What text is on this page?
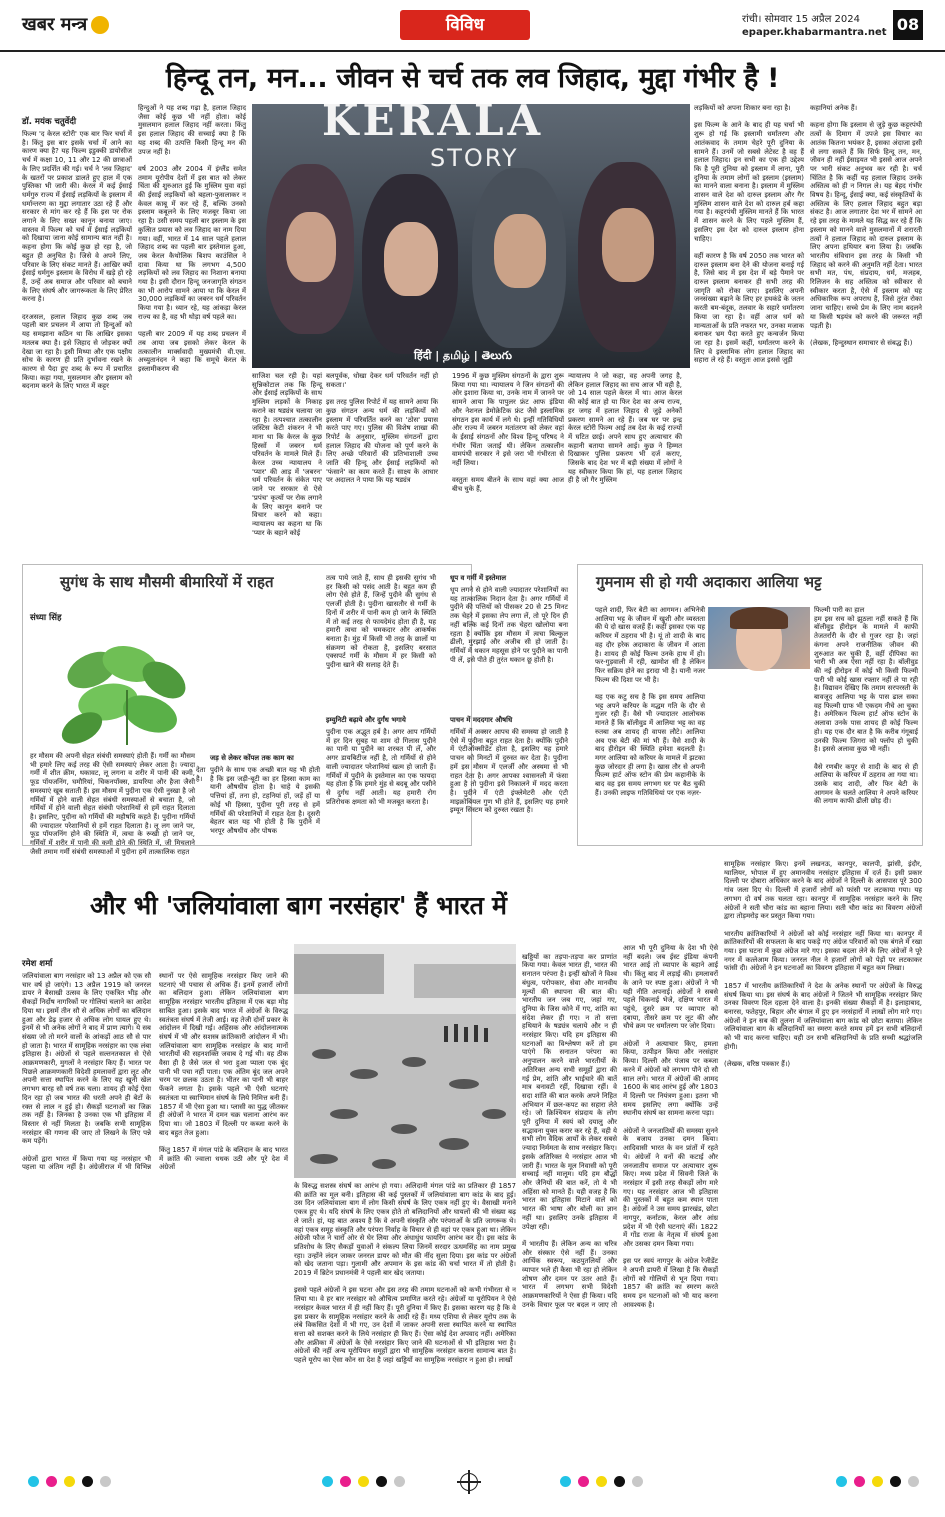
खबर मन्त्र	विविध	रांची। सोमवार 15 अप्रैल 2024
epaper.khabarmantra.net 08
हिन्दू तन, मन... जीवन से चर्च तक लव जिहाद, मुद्दा गंभीर है !
डॉ. मयंक चतुर्वेदी
फिल्म 'द केरल स्टोरी' एक बार फिर चर्चा में है। किंतु इस बार इसके चर्चा में आने का कारण क्या है? यह फिल्म इडुक्की डायोसीज चर्च में कक्षा 10, 11 और 12 की छात्राओं के लिए प्रदर्शित की गई। चर्च ने 'लव जिहाद' के खतरों पर प्रकाश डालते हुए हाल में एक पुस्तिका भी जारी की। केरल में कई ईसाई धर्मगुरु राज्य में ईसाई लड़कियों के इस्लाम में धर्मान्तरण का मुद्दा लगातार उठा रहे हैं और सरकार से मांग कर रहे हैं कि इस पर रोक लगाने के लिए सख्त कानून बनाया जाए। वास्तव में फिल्म को चर्च में ईसाई लड़कियों को दिखाया जाना कोई सामान्य बात नहीं है। कहना होगा कि कोई कुछ हो रहा है, जो बहुत ही अनुचित है। जिसे वे अपने लिए, परिवार के लिए संकट मानते हैं। आखिर क्यों ईसाई धर्मगुरु इस्लाम के विरोध में खड़े हो रहे हैं, उन्हें अब समाज और परिवार को बचाने के लिए संघर्ष और जागरूकता के लिए प्रेरित करना है।

दरअसल, हलाल जिहाद कुछ शब्द जब पहली बार प्रचलन में आया तो हिन्दुओं को यह समझाना कठिन था कि आखिर इसका मतलब क्या है। इसे जिहाद से जोड़कर क्यों देखा जा रहा है। इसी मिथ्या और एक पक्षीय सोच के कारण ही प्रति दुर्भावना रखने के कारण से पैदा हुए शब्द के रूप में प्रचारित किया। कहा गया, मुसलमान और इस्लाम को बदनाम करने के लिए भारत में कट्टर
हिन्दुओं ने यह शब्द गढ़ा है, हलाल जिहाद जैसा कोई कुछ भी नहीं होता। कोई मुसलमान हलाल जिहाद नहीं करता। किंतु इस हलाल जिहाद की सच्चाई क्या है कि यह शब्द की उत्पत्ति किसी हिन्दू मन की उपज नहीं है।

वर्ष 2003 और 2004 में इंग्लैंड समेत तमाम यूरोपीय देशों में इस बात को लेकर चिंता की शुरुआत हुई कि मुस्लिम युवा वहां की ईसाई लड़कियों को बहला-फुसलाकर न केवल काबू में कर रहे हैं, बल्कि उनको इस्लाम कबूलने के लिए मजबूर किया जा रहा है। उसी समय पहली बार इस्लाम के इस कुत्सित प्रयास को लव जिहाद का नाम दिया गया। वहीं, भारत में 14 साल पहले हलाल जिहाद शब्द का पहली बार इस्तेमाल हुआ, जब केरल कैथोलिक बिशप काउंसिल ने दावा किया था कि लगभग 4,500 लड़कियों को लव जिहाद का निशाना बनाया गया है। इसी दौरान हिन्दू जनजागृति संगठन का भी आरोप सामने आया था कि केरल में 30,000 लड़कियों का जबरन धर्म परिवर्तन किया गया है। ध्यान रहे, यह आंकड़ा केरल राज्य का है, वह भी थोड़ा वर्ष पहले का।

पहली बार 2009 में यह शब्द प्रचलन में तब आया जब इसको लेकर केरल के तत्कालीन मार्क्सवादी मुख्यमंत्री वी.एस. अच्युतानंदन ने कहा कि समूचे केरल के इस्लामीकरण की
KERALA
STORY
हिंदी | தமிழ் | తెలుగు
साजिश चल रही है। यहां सुन्निकोटाल तक कि हिन्दू और ईसाई लड़कियों के साथ मुस्लिम लड़कों के निकाह कराने का षड्यंत्र चलाया जा रहा है। तत्पश्चात तत्कालीन जस्टिस केटी शंकरन ने भी माना था कि केरल के कुछ हिस्सों में जबरन धर्म परिवर्तन के मामले मिले हैं। केरल उच्च न्यायालय ने 'प्यार' की आड़ में 'जबरन' धर्म परिवर्तन के संकेत पाए जाने पर सरकार से ऐसे 'प्रपंच' कृत्यों पर रोक लगाने के लिए कानून बनाने पर विचार करने को कहा। न्यायालय का कहना था कि 'प्यार के बहाने कोई
बलपूर्वक, धोखा देकर धर्म परिवर्तन नहीं हो सकता।'

इस तरह पुलिस रिपोर्ट में यह सामने आया कि कुछ संगठन अन्य धर्म की लड़कियों को इस्लाम में परिवर्तित करने का 'ठोस' प्रयास करते पाए गए। पुलिस की विशेष शाखा की रिपोर्ट के अनुसार, मुस्लिम संगठनों द्वारा हलाल जिहाद की योजना को पूर्ण करने के लिए अच्छे परिवारों की प्रतिभाशाली उच्च जाति की हिन्दू और ईसाई लड़कियों को 'फंसाने' का काम करते हैं। साक्ष्य के आधार पर अदालत ने पाया कि यह षड्यंत्र
1996 में कुछ मुस्लिम संगठनों के द्वारा शुरू किया गया था। न्यायालय ने जिन संगठनों की ओर इशारा किया था, उनके नाम में जानने पर सामने आया कि पापुलर फ्रंट आफ इंडिया और नेशनल डेमोक्रेटिक फ्रंट जैसे इस्लामिक संगठन इस कार्य में लगे थे। इन्हीं गतिविधियों और राज्य में जबरन मतांतरण को लेकर वहां के ईसाई संगठनों और विश्व हिन्दू परिषद ने गंभीर चिंता जताई थी। लेकिन तत्कालीन वामपंथी सरकार ने इसे जरा भी गंभीरता से नहीं लिया।

वस्तुतः समय बीतने के साथ वहां क्या आज बीच चुके हैं,
न्यायालय ने जो कहा, वह अपनी जगह है, लेकिन हलाल जिहाद का सच आज भी वही है, जो 14 साल पहले केरल में था। आज केरल की कोई बात हो या फिर देश का अन्य राज्य, हर जगह में हलाल जिहाद से जुड़े अनेकों प्रकरण सामने आ रहे हैं। जब घर पर इन्द्र केरल स्टोरी फिल्म आई तब देश के कई राज्यों में घटित छाई। अपने साथ हुए अत्याचार की कहानी बताया सामने आई। कुछ ने हिम्मत दिखाकर पुलिस प्रकरण भी दर्ज कराए, जिसके बाद देश भर में बड़ी संख्या में लोगों ने यह स्वीकार किया कि हां, यह हलाल जिहाद ही है जो गैर मुस्लिम
लड़कियों को अपना शिकार बना रहा है।

इस फिल्म के आने के बाद ही यह चर्चा भी शुरू हो गई कि इस्लामी धर्मांतरण और आतंकवाद के तमाम चेहरे पूरी दुनिया के सामने हैं। उनमें जो सबसे लेटेस्ट है वह हैं हलाल जिहाद। इन सभी का एक ही उद्देश्य कि है पूरी दुनिया को इस्लाम में लाना, पूरी दुनिया के तमाम लोगों को इस्लाम (इस्लाम) का मानने वाला बनाना है। इस्लाम में मुस्लिम शासन वाले देश को दारुल इस्लाम और गैर मुस्लिम शासन वाले देश को दारुल हर्ब कहा गया है। कट्टरपंथी मुस्लिम मानते हैं कि भारत में शासन करने के लिए पहले मुस्लिम हैं, इसलिए इस देश को दारुल इस्लाम होना चाहिए।

वहीं कारण है कि वर्ष 2050 तक भारत को दारुल इस्लाम बना देने की योजना बनाई गई है, जिसे बाद में इस देश में बड़े पैमाने पर दारुल इस्लाम बनाकर ही सभी तरह की जागृति को रोका जाए। इसलिए अपनी जनसंख्या बढ़ाने के लिए हर हथकंडे के जतन करती बम-बंदूक, तलवार के सहारे धर्मांतरण किया जा रहा है। वहीं आज धर्म को मान्यताओं के प्रति नफरत भर, उनका मजाक बनाकर भ्रम पैदा करते हुए कन्वर्जन किया जा रहा है। इसमें कहीं, धर्मांतरण करने के लिए वे इस्लामिक लोग हलाल जिहाद का सहारा ले रहे हैं। वस्तुतः आज इससे जुड़ी
कहानियां अनेक हैं।

कहना होगा कि इस्लाम से जुड़े कुछ कट्टरपंथी तत्वों के दिमाग में उपजे इस विचार का आतंक कितना भयंकर है, इसका अंदाजा इसी से लगा सकते हैं कि सिर्फ हिन्दू तन, मन, जीवन ही नहीं ईसाइयत भी इससे आज अपने पर भारी संकट अनुभव कर रही है। चर्च चिंतित है कि कहीं यह हलाल जिहाद उनके अस्तित्व को ही न निगल ले। यह बेहद गंभीर विषय है। हिन्दू, ईसाई क्या, कई संस्कृतियों के अस्तित्व के लिए हलाल जिहाद बहुत बड़ा संकट है। आज लगातार देश भर में सामने आ रहे इस तरह के मामले यह सिद्ध कर रहे हैं कि इस्लाम को मानने वाले मुसलमानों में शरारती तत्वों ने हलाल जिहाद को दारुल इस्लाम के लिए अपना हथियार बना लिया है। जबकि भारतीय संविधान इस तरह के किसी भी जिहाद को करने की अनुमति नहीं देता। भारत सभी मत, पंथ, संप्रदाय, धर्म, मजहब, रिलिजन के सह अस्तित्व को स्वीकार से स्वीकार करता है, ऐसे में इस्लाम को यह अधिकारिक रूप अपराध है, जिसे तुरंत रोका जाना चाहिए। सच्चे प्रेम के लिए नाम बदलने या किसी षड़यंत्र को करने की जरूरत नहीं पड़ती है।

(लेखक, हिन्दुस्थान समाचार से संबद्ध हैं।)
सुगंध के साथ मौसमी बीमारियों में राहत
संध्या सिंह
हर मौसम की अपनी सेहत संबंधी समस्याएं होती हैं। गर्मी का मौसम भी हमारे लिए कई तरह की ऐसी समस्याएं लेकर आता है। ज्यादा गर्मी में शीत क्रीम, थकावट, लू लगना व शरीर में पानी की कमी, फूड पॉयजनिंग, घमौरियां, चिकनपॉक्स, डायरिया और हैजा जैसी समस्याएं खूब सताती हैं। इस मौसम में पुदीना एक ऐसी नुस्खा है जो गर्मियों में होने वाली सेहत संबंधी समस्याओं से बचाता है, जो गर्मियों में होने वाली सेहत संबंधी परेशानियों से हमें राहत दिलाता है। इसलिए, पुदीना को गर्मियों की महौषधि कहते हैं। पुदीना गर्मियों की ज्यादातर परेशानियों से हमें राहत दिलाता है। लू लग जाने पर, फूड पॉयजनिंग होने की स्थिति में, त्वचा के रूखी हो जाने पर, गर्मियों में शरीर में पानी की कमी होने की स्थिति में, जी मिचलाने जैसी तमाम गर्मी संबंधी समस्याओं में पुदीना हमें तात्कालिक राहत
देता है।
जड़ से लेकर कोंपल तक काम का
पुदीने के साथ एक अच्छी बात यह भी होती है कि इस जड़ी-बूटी का हर हिस्सा काम का यानी औषधीय होता है। चाहे ये इसकी पत्तियां हों, तना हो, टहनियां हों, जड़ें हों या कोई भी हिस्सा, पुदीना पूरी तरह से हमें गर्मियों की परेशानियों में राहत देता है। दूसरी बेहतर बात यह भी होती है कि पुदीने में भरपूर औषधीय और पोषक
तत्व पाये जाते हैं, साथ ही इसकी सुगंध भी हर किसी को पसंद आती है। बहुत कम ही लोग ऐसे होते हैं, जिन्हें पुदीने की सुगंध से एलर्जी होती है। पुदीना खासतौर से गर्मी के दिनों में शरीर में पानी कम हो जाने के स्थिति में तो कई तरह से फायदेमंद होता ही है, यह हमारी त्वचा को चमकदार और आकर्षक बनाता है। मुंह में किसी भी तरह के छालों या संक्रमण को रोकता है, इसलिए बरसात एक्सपर्ट गर्मी के मौसम में हर किसी को पुदीना खाने की सलाह देते हैं।
इम्युनिटी बढ़ाये और दुर्गंध भगाये
पुदीना एक अद्भुत हर्ब है। अगर आप गर्मियों में हर दिन सुबह या शाम दो गिलास पुदीने का पानी या पुदीने का शरबत पी लें, और अगर डायबिटीज नहीं है, तो गर्मियों से होने वाली ज्यादातर परेशानियां खत्म हो जाती हैं। गर्मियों में पुदीने के इस्तेमाल का एक फायदा यह होता है कि हमारे मुंह से बदबू और पसीने से दुर्गंध नहीं आती। यह हमारी रोग प्रतिरोधक क्षमता को भी मजबूत करता है।
धूप व गर्मी में इस्तेमाल
धूप लगने से होने वाली ज्यादातर परेशानियों का यह तात्कालिक निदान देता है। अगर गर्मियों में पुदीने की पत्तियों को पीसकर 20 से 25 मिनट तक चेहरे में इसका लेप लगा लें, तो पूरे दिन ही नहीं बल्कि कई दिनों तक चेहरा खोलोया बना रहता है क्योंकि इस मौसम में त्वचा बिल्कुल ढीली, मुरझाई और अजीब सी हो जाती है। गर्मियों में थकान महसूस होने पर पुदीने का पानी पी लें, इसे पीते ही तुरंत थकान छू होती है।
पाचन में मददगार औषधि
गर्मियों में अक्सर आपच की समस्या हो जाती है ऐसे में पुदीना बहुत राहत देता है। क्योंकि पुदीने में एंटीऑक्सीडेंट होता है, इसलिए यह हमारे पाचन को मिनटों में दुरुस्त कर देता है। पुदीना हमें इस मौसम में एलर्जी और अस्थमा से भी राहत देता है। अगर आपका श्वासनली में फंसा हुआ है तो पुदीना इसे निकालने में मदद करता है। पुदीने में एंटी इंफ्लेमेटरी और एंटी माइक्रोबियल गुण भी होते हैं, इसलिए यह हमारे इम्यून सिस्टम को दुरुस्त रखता है।
गुमनाम सी हो गयी अदाकारा आलिया भट्ट
पहले शादी, फिर बेटी का आगमन। अभिनेत्री आलिया भट्ट के जीवन में खुशी और व्यस्तता की ये दो खास वजहें हैं। कहीं इसका एक यह करियर में ठहराव भी है। यूं तो शादी के बाद वह दौर हरेक अदाकारा के जीवन में आता है। शायद ही कोई फिल्म उनके हाथ में हो। फर-गुड़वाली में रही, खामोश सी है लेकिन फिर सक्रिय होने का इरादा भी है। यानी नजर फिल्म की दिशा पर भी है।

यह एक कटु सच है कि इस समय आलिया भट्ट अपने करियर के मद्धम गति के दौर से गुजर रही हैं। वैसे भी ज्यादातर आलोचक मानते हैं कि बॉलीवुड में आलिया भट्ट का वह रुतबा अब शायद ही वापस लौटे। आलिया अब एक बेटी की मां भी हैं। वैसे शादी के बाद हीरोइन की स्थिति हमेशा बदलती है। मगर आलिया को करियर के मामले में झटका कुछ जोरदार ही लगा है। खास तौर से अपनी फिल्म हार्ट ऑफ स्टोन की प्रेम कहानीके के बाद वह इस समय लगभग घर पर बैठ चुकी हैं। उनकी लाइफ गतिविधियां पर एक नज़र-
फिल्मी पारी का हाल
हम इस सच को झुठला नहीं सकते हैं कि बॉलीवुड हीरोइन के मामले में काफी तेजतर्रारी के दौर से गुजर रहा है। जहां कंगना अपने राजनीतिक जीवन की शुरुआत कर चुकी हैं, वहीं दीपिका का भारी भी अब ऐसा नहीं रहा है। बॉलीवुड की नई हीरोइन में कोई भी किसी फिल्मी पारी भी कोई खास रफ्तार नहीं ले पा रही है। विद्यावन देखिए कि तमाम सरपरस्ती के बावजूद आलिया भट्ट के पास ढाल सका वह फिल्मी ग्राफ भी एकदम नीचे आ चुका है। अमेरिकन फिल्म हार्ट ऑफ स्टोन के अलावा उनके पास शायद ही कोई फिल्म हो। यह एक दौर बात है कि करीब गंगूबाई उनकी फिल्म जिगरा को फ्लॉप हो चुकी है। इससे अलावा कुछ भी नहीं।

वैसे रणबीर कपूर से शादी के बाद से ही आलिया के करियर में ठहराव आ गया था। उसके बाद शादी, और फिर बेटी के आगमन के चलते आलिया ने अपने करियर की लगाम काफी ढीली छोड़ दी।
और भी 'जलियांवाला बाग नरसंहार' हैं भारत में
रमेश शर्मा
जलियांवाला बाग नरसंहार को 13 अप्रैल को एक सौ चार वर्ष हो जाएंगे। 13 अप्रैल 1919 को जनरल डायर ने बैसाखी उत्सव के लिए एकत्रित भीड़ और सैकड़ों निर्दोष नागरिकों पर गोलियां चलाने का आदेश दिया था। इसमें तीन सौ से अधिक लोगों का बलिदान हुआ और डेढ़ हजार से अधिक लोग घायल हुए थे। इनमें से भी अनेक लोगों ने बाद में प्राण त्यागे। ये सब संख्या जो तो मरने वालों के आंकड़ों आठ सौ से पार हो जाता है। भारत में सामूहिक नरसंहार का एक लंबा इतिहास है। अंग्रेजों से पहले सल्तनतकाल से ऐसे आक्रमणकारी, मुगलों ने नरसंहार किए हैं। भारत पर पिछले आक्रमणकारी विदेशी हमलावरों द्वारा लूट और अपनी सत्ता स्थापित करने के लिए यह खूनी खेल लगभग बारह सौ वर्ष तक चला। शायद ही कोई ऐसा दिन रहा हो जब भारत की धरती अपने ही बेटों के रक्त से लाल न हुई हो। सैकड़ों घटनाओं का जिक्र तक नहीं है। जिनका है उनका एक भी इतिहास में विस्तार से नहीं मिलता है। जबकि सभी सामूहिक नरसंहार की गणना की जाए तो लिखने के लिए पन्ने कम पड़ेंगे।

अंग्रेजों द्वारा भारत में किया गया यह नरसंहार भी पहला या अंतिम नहीं है। अंग्रेजीराज में भी विभिन्न स्थानों पर ऐसे सामूहिक नरसंहार किए जाने की घटनाएं भी पचास से अधिक हैं। इनमें हजारों लोगों का बलिदान हुआ। लेकिन जलियांवाला बाग सामूहिक नरसंहार भारतीय इतिहास में एक बड़ा मोड़ साबित हुआ। इसके बाद भारत में अंग्रेजों के विरुद्ध स्वतंत्रता संघर्ष में तेजी आई। वह तेजी दोनों प्रकार के आंदोलन में दिखी गई। अहिंसक और आंदोलनात्मक संघर्ष में भी और सशस्त्र क्रांतिकारी आंदोलन में भी। जलियांवाला बाग सामूहिक नरसंहार के बाद मानों भारतीयों की सहनशक्ति जवाब दे गई थी। वह ठीक वैसा ही है जैसे जल से भरा हुआ प्याला एक बूंद पानी भी पचा नहीं पाता। एक अंतिम बूंद जल अपने चरम पर छलक उठता है। भीतर का पानी भी बाहर फेंकने लगता है। इसके पहले भी ऐसी घटनाएं स्वतंत्रता या स्वाभिमान संघर्ष के लिये निमित्त बनी हैं। 1857 में भी ऐसा हुआ था। प्लासी का युद्ध जीतकर ही अंग्रेजों ने भारत में दमन चक्र चलाना आरंभ कर दिया था। जो 1803 में दिल्ली पर कब्जा करने के बाद बहुत तेज हुआ।

किंतु 1857 में मंगल पांडे के बलिदान के बाद भारत में क्रांति की ज्वाला धधक उठी और पूरे देश में अंग्रेजों
के विरुद्ध सशस्त्र संघर्ष का आरंभ हो गया। अलिदानी मंगल पांडे का प्रतिकार ही 1857 की क्रांति का मूल बनी। इतिहास की कई पुस्तकों में जलियांवाला बाग कांड के बाद हुई। उस दिन जलियांवाला बाग में लोग किसी संघर्ष के लिए एकत्र नहीं हुए थे। वैसाखी मनाने एकत्र हुए थे। यदि संघर्ष के लिए एकत्र होते तो बलिदानियों और घायलों की भी संख्या बढ़ ले जाते। हां, यह बात अवश्य है कि वे अपनी संस्कृति और परंपराओं के प्रति जागरूक थे। वहां एकत्र समूह संस्कृति और परंपरा निर्वाह के विचार से ही वहां पर एकत्र हुआ था। लेकिन अंग्रेजी फौज ने चारों ओर से घेर लिया और अंधाधुंध फायरिंग आरंभ कर दी। इस कांड के प्रतिशोध के लिए सैकड़ों युवाओं ने संकल्प लिया जिनमें सरदार ऊधमसिंह का नाम प्रमुख रहा। उन्होंने लंदन जाकर जनरल डायर को मौत की नींद सुला दिया। इस कांड पर अंग्रेजों को खेद जताना पड़ा। गुलामी और अपमान के इस कांड की चर्चा भारत में तो होती है। 2019 में ब्रिटेन प्रधानमंत्री ने पहली बार खेद जताया।

इससे पहले अंग्रेजों ने इस घटना और इस तरह की तमाम घटनाओं को कभी गंभीरता से न लिया था। वे हर बार नरसंहार को औचित्य प्रमाणित करते रहे। अंग्रेजों या यूरोपियन ने ऐसे नरसंहार केवल भारत में ही नहीं किए हैं। पूरी दुनिया में किए हैं। इसका कारण यह है कि वे इस प्रकार के सामूहिक नरसंहार करने के आदी रहे हैं। मध्य एशिया से लेकर यूरोप तक के लंबे विकसित देशों में भी गए, उन देशों में जाकर अपनी सत्ता स्थापित करने या स्थापित सत्ता को सशक्त करने के लिये नरसंहार ही किए हैं। ऐसा कोई देश अपवाद नहीं। अमेरिका और अफ्रीका में अंग्रेजों के ऐसे नरसंहार किए जाने की घटनाओं से भी इतिहास भरा है। अंग्रेजों की नहीं अन्य यूरोपियन समूहों द्वारा भी सामूहिक नरसंहार कराना सामान्य बात है। पहले यूरोप का ऐसा कोन सा देश है जहां खड्डियों का सामूहिक नरसंहार न हुआ हो। लाखों

खड्डियों का तड़पा-तड़पा कर प्राणांत किया गया। केवल भारत ही, भारत की सनातन परंपरा है। इन्हीं खोजों ने विश्व बंधुत्व, परोपकार, सेवा और मानवीय मूल्यों की स्थापना की बात की। भारतीय जन जब गए, जहां गए, दुनिया के जिस कोने में गए, शांति का संदेश लेकर ही गए। न तो सत्ता हथियाने के षड्यंत्र चलाये और न ही नरसंहार किए। यदि हम इतिहास की घटनाओं का विश्लेषण करें तो हम पाएंगे कि सनातन परंपरा का अनुपालन करने वाले भारतीयों के अतिरिक्त अन्य सभी समूहों द्वारा की गई प्रेम, शांति और भाईचारे की बातें मात्र बनावटी रहीं, दिखावा रहीं। वे सदा शांति की बात करके अपने निहित अभियान में छल-कपट का सहारा लेते रहे। जो क्रिश्चियन संप्रदाय के लोग पूरी दुनिया में स्वयं को दयालु और सद्भावना युक्त करार कर रहे हैं, वही ये सभी लोग वैदिक आर्यों के लेकर सबसे ज्यादा निर्ममता के साथ नरसंहार किए। इसके अतिरिक्त ये नरसंहार आज भी जारी हैं। भारत के मूल निवासी को पूरी सच्चाई नहीं मालूम। यदि हम बौद्धों और जैनियों की बात करें, तो ये भी अहिंसा को मानते हैं। यही वजह है कि भारत का इतिहास मिटाने वाले को भारत की भाषा और बोली का ज्ञान नहीं था। इसलिए उनके इतिहास में उपेक्षा रही।

में भारतीय हैं। लेकिन अन्य का चरित्र और संस्कार ऐसे नहीं हैं। उनका आर्थिक स्वरूप, कठपुतलियों और व्यापार भले ही कैसा भी रहा हो लेकिन शोषण और दमन पर उतर आते हैं। भारत में लगभग सभी विदेशी आक्रमणकारियों ने ऐसा ही किया। यदि उनके विचार फूल पर बदल न जाए तो आज भी पूरी दुनिया के देश भी ऐसे नहीं बदले। जब ईस्ट इंडिया कंपनी भारत आई तो व्यापार के बहाने आई थी। किंतु बाद में लड़ाई की। हमलावरों के आने पर स्पष्ट हुआ। अंग्रेजों ने भी यही नीति अपनाई। अंग्रेजों ने सबसे पहले चिकनाई भेजे, दक्षिण भारत में पहुंचे, दुसरे क्रम पर व्यापार को दबाया, तीसरे क्रम पर लूट की और चौथे क्रम पर धर्मांतरण पर जोर दिया।

अंग्रेजों ने अत्याचार किए, हमला किया, उत्पीड़न किया और नरसंहार किया। दिल्ली और पंजाब पर कब्जा करने में अंग्रेजों को लगभग पौने दो सौ साल लगे। भारत में अंग्रेजों की आमद 1600 के बाद आरंभ हुई और 1803 में दिल्ली पर नियंत्रण हुआ। इतना भी समय इसलिए लगा क्योंकि उन्हें स्थानीय संघर्ष का सामना करना पड़ा।

अंग्रेजों ने जनजातियों की समस्या सुनने के बजाय उनका दमन किया। आदिवासी भारत के वन प्रांतों में रहते थे। अंग्रेजों ने वनों की कटाई और जनजातीय समाज पर अत्याचार शुरू किए। मध्य प्रदेश में सिवनी जिले के नरसंहार में इसी तरह सैकड़ों लोग मारे गए। यह नरसंहार आज भी इतिहास की पुस्तकों में बहुत कम स्थान पाता है। अंग्रेजों ने उस समय झारखंड, छोटा नागपुर, कर्नाटक, केरल और आंध्र प्रदेश में भी ऐसी घटनाएं कीं। 1822 में गोंड राजा के नेतृत्व में संघर्ष हुआ और उसका दमन किया गया।

इस पर स्वयं नागपुर के अंग्रेज रेजीडेंट ने अपनी डायरी में लिखा है कि सैकड़ों लोगों को गोलियों से भून दिया गया। 1857 की क्रांति का स्मरण करते समय इन घटनाओं को भी याद करना आवश्यक है।
सामूहिक नरसंहार किए। इनमें लखनऊ, कानपुर, कालपी, झांसी, इंदौर, ग्वालियर, भोपाल में हुए अमानवीय नरसंहार इतिहास में दर्ज हैं। इसी प्रकार दिल्ली पर दोबारा अधिकार करने के बाद अंग्रेजों ने दिल्ली के आसपास पूरे 300 गांव जला दिए थे। दिल्ली में हजारों लोगों को फांसी पर लटकाया गया। यह लगभग दो वर्ष तक चलता रहा। कानपुर में सामूहिक नरसंहार करने के लिए अंग्रेजों ने सती चौरा कांड का बहाना लिया। सती चौरा कांड का विवरण अंग्रेजों द्वारा तोड़मरोड़ कर प्रस्तुत किया गया।

भारतीय क्रांतिकारियों ने अंग्रेजों को कोई नरसंहार नहीं किया था। कानपुर में क्रांतिकारियों की सफलता के बाद पकड़े गए अंग्रेज परिवारों को एक बंगले में रखा गया। इस घटना में कुछ अंग्रेज मारे गए। इसका बदला लेने के लिए अंग्रेजों ने पूरे नगर में कत्लेआम किया। जनरल नील ने हजारों लोगों को पेड़ों पर लटकाकर फांसी दी। अंग्रेजों ने इन घटनाओं का विवरण इतिहास में बहुत कम लिखा।

1857 में भारतीय क्रांतिकारियों ने देश के अनेक स्थानों पर अंग्रेजों के विरुद्ध संघर्ष किया था। इस संघर्ष के बाद अंग्रेजों ने जितने भी सामूहिक नरसंहार किए उनका विवरण दिल दहला देने वाला है। इनकी संख्या सैकड़ों में है। इलाहाबाद, बनारस, फतेहपुर, बिहार और बंगाल में हुए इन नरसंहारों में लाखों लोग मारे गए। अंग्रेजों ने इन सब की तुलना में जलियांवाला बाग कांड को छोटा बताया। लेकिन जलियांवाला बाग के बलिदानियों का स्मरण करते समय हमें इन सभी बलिदानों को भी याद करना चाहिए। यही उन सभी बलिदानियों के प्रति सच्ची श्रद्धांजलि होगी।

(लेखक, वरिष्ठ पत्रकार हैं।)
